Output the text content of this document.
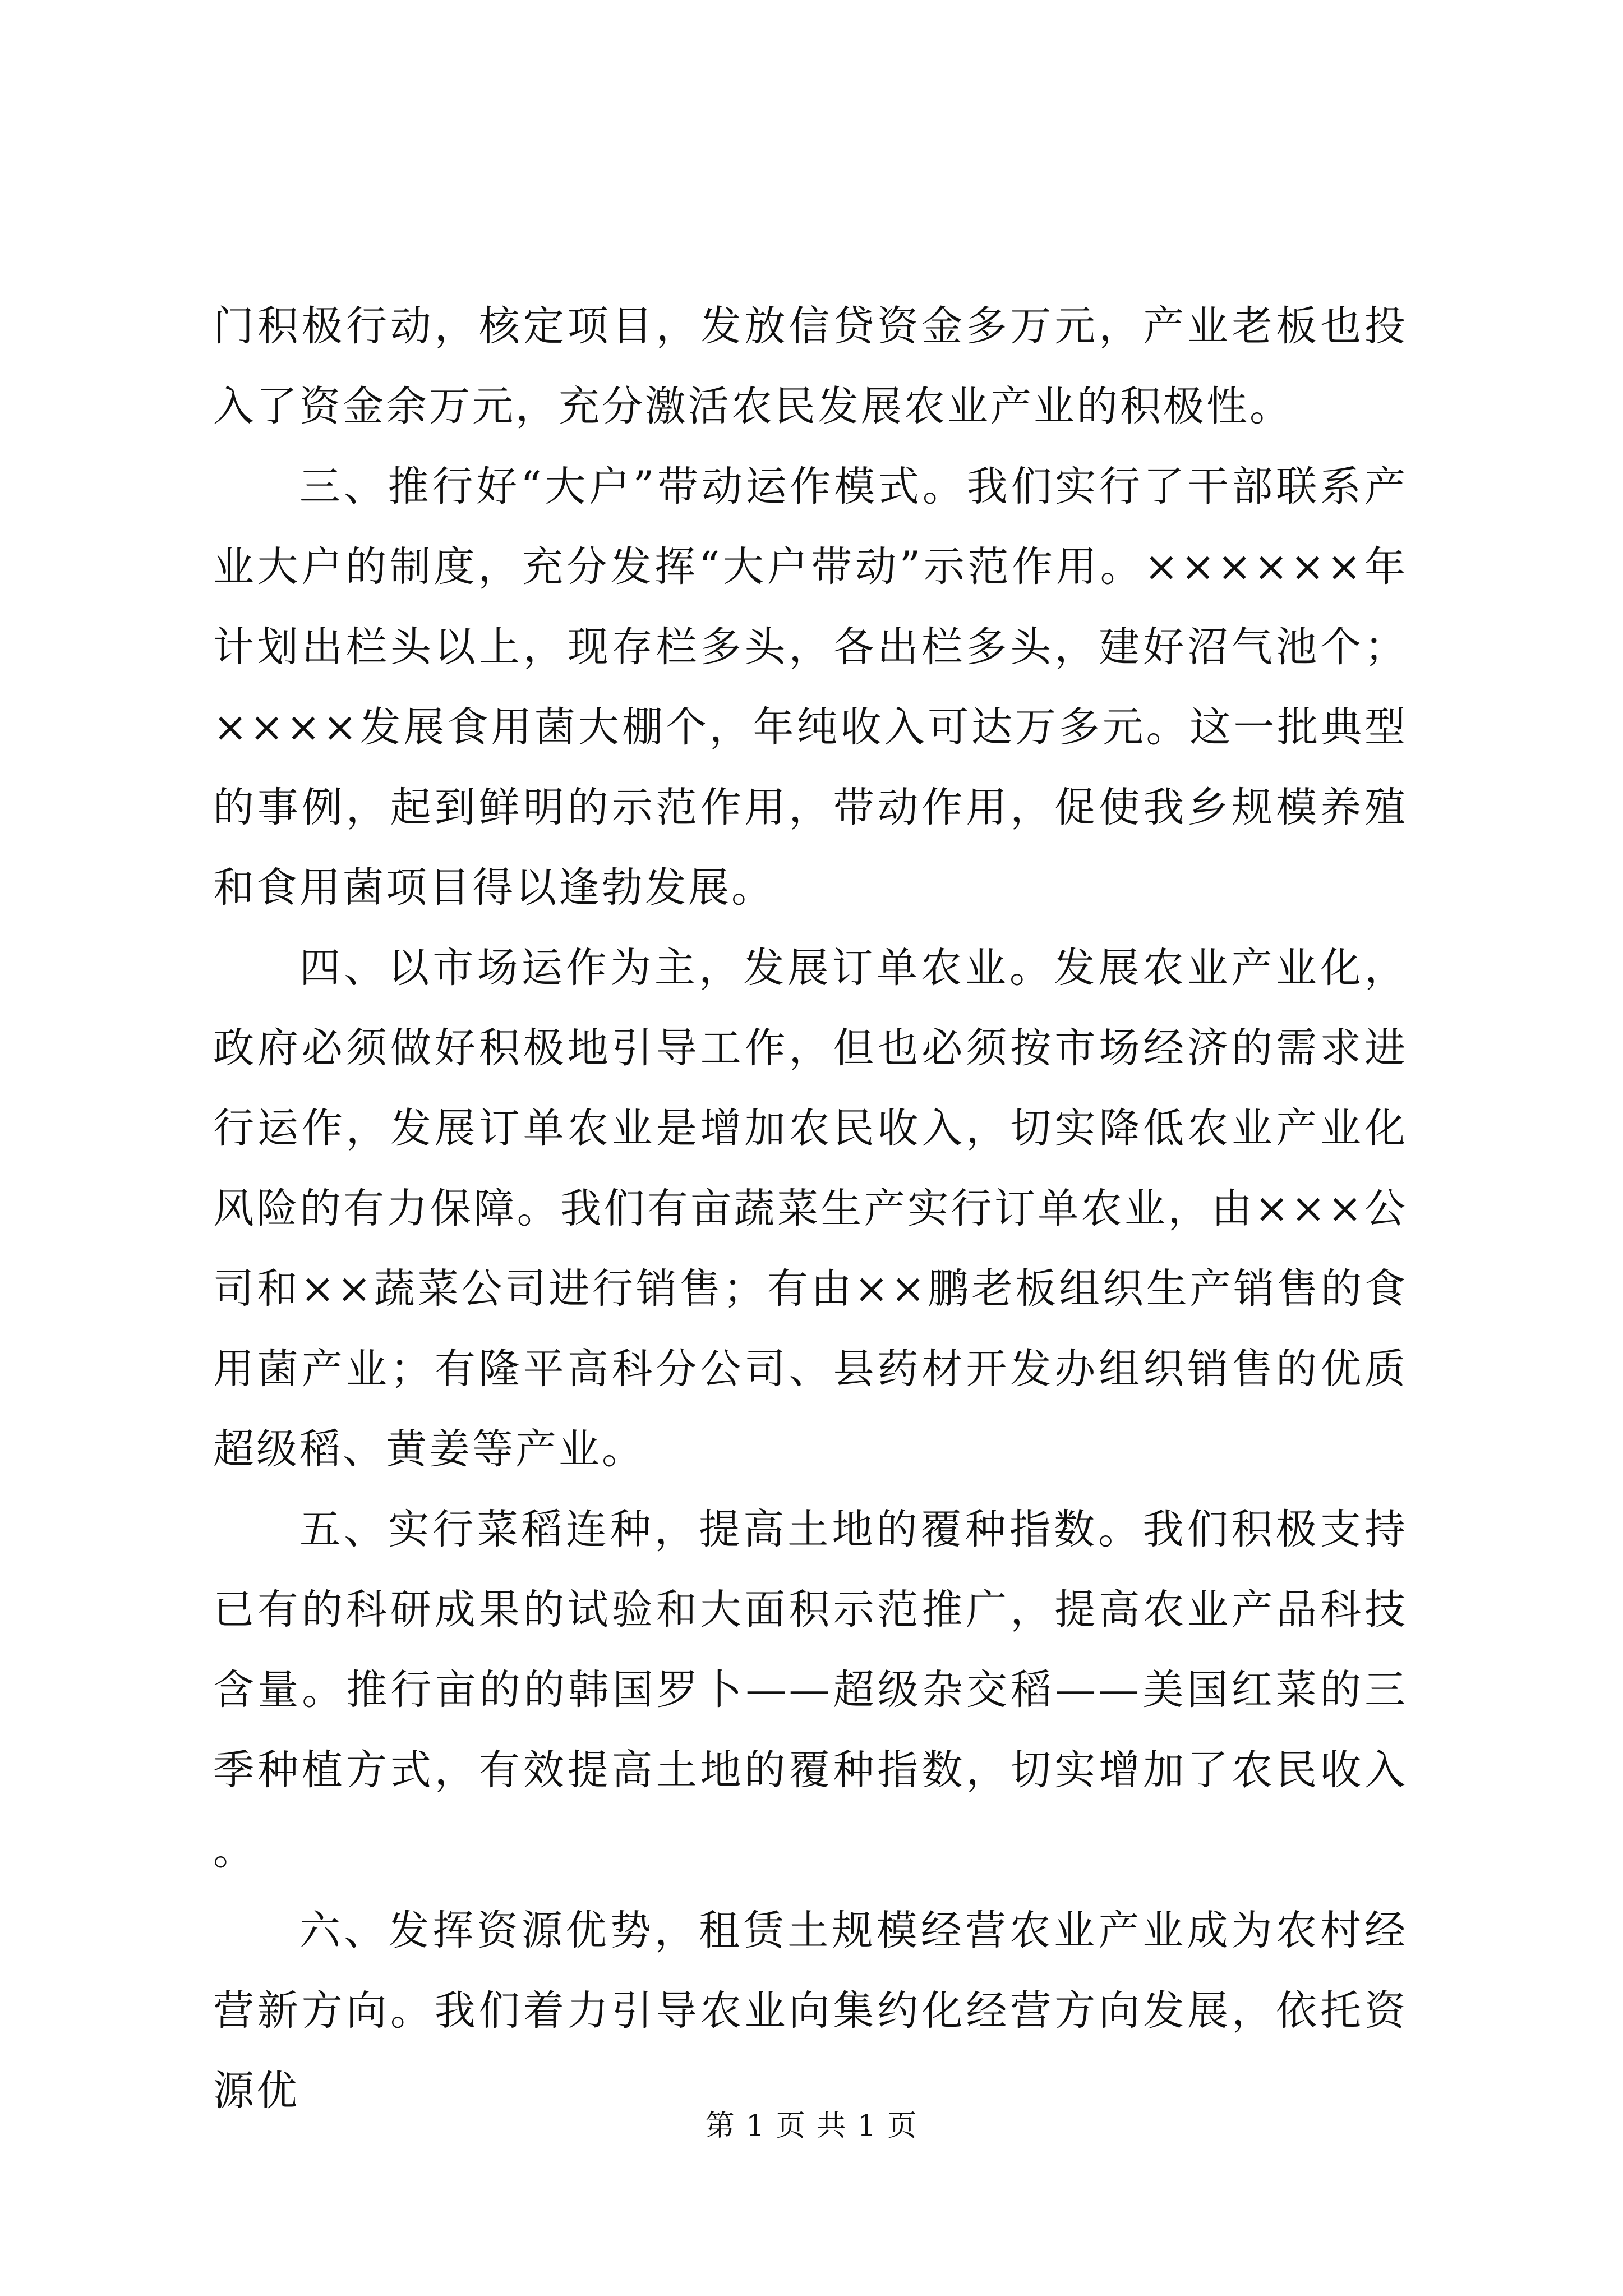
门积极行动，核定项目，发放信贷资金多万元，产业老板也投入了资金余万元，充分激活农民发展农业产业的积极性。

三、推行好“大户”带动运作模式。我们实行了干部联系产业大户的制度，充分发挥“大户带动”示范作用。××××××年计划出栏头以上，现存栏多头，各出栏多头，建好沼气池个；××××发展食用菌大棚个，年纯收入可达万多元。这一批典型的事例，起到鲜明的示范作用，带动作用，促使我乡规模养殖和食用菌项目得以逢勃发展。

四、以市场运作为主，发展订单农业。发展农业产业化，政府必须做好积极地引导工作，但也必须按市场经济的需求进行运作，发展订单农业是增加农民收入，切实降低农业产业化风险的有力保障。我们有亩蔬菜生产实行订单农业，由×××公司和××蔬菜公司进行销售；有由××鹏老板组织生产销售的食用菌产业；有隆平高科分公司、县药材开发办组织销售的优质超级稻、黄姜等产业。

五、实行菜稻连种，提高土地的覆种指数。我们积极支持已有的科研成果的试验和大面积示范推广，提高农业产品科技含量。推行亩的的韩国罗卜——超级杂交稻——美国红菜的三季种植方式，有效提高土地的覆种指数，切实增加了农民收入。

六、发挥资源优势，租赁土规模经营农业产业成为农村经营新方向。我们着力引导农业向集约化经营方向发展，依托资源优

第 1 页 共 1 页
